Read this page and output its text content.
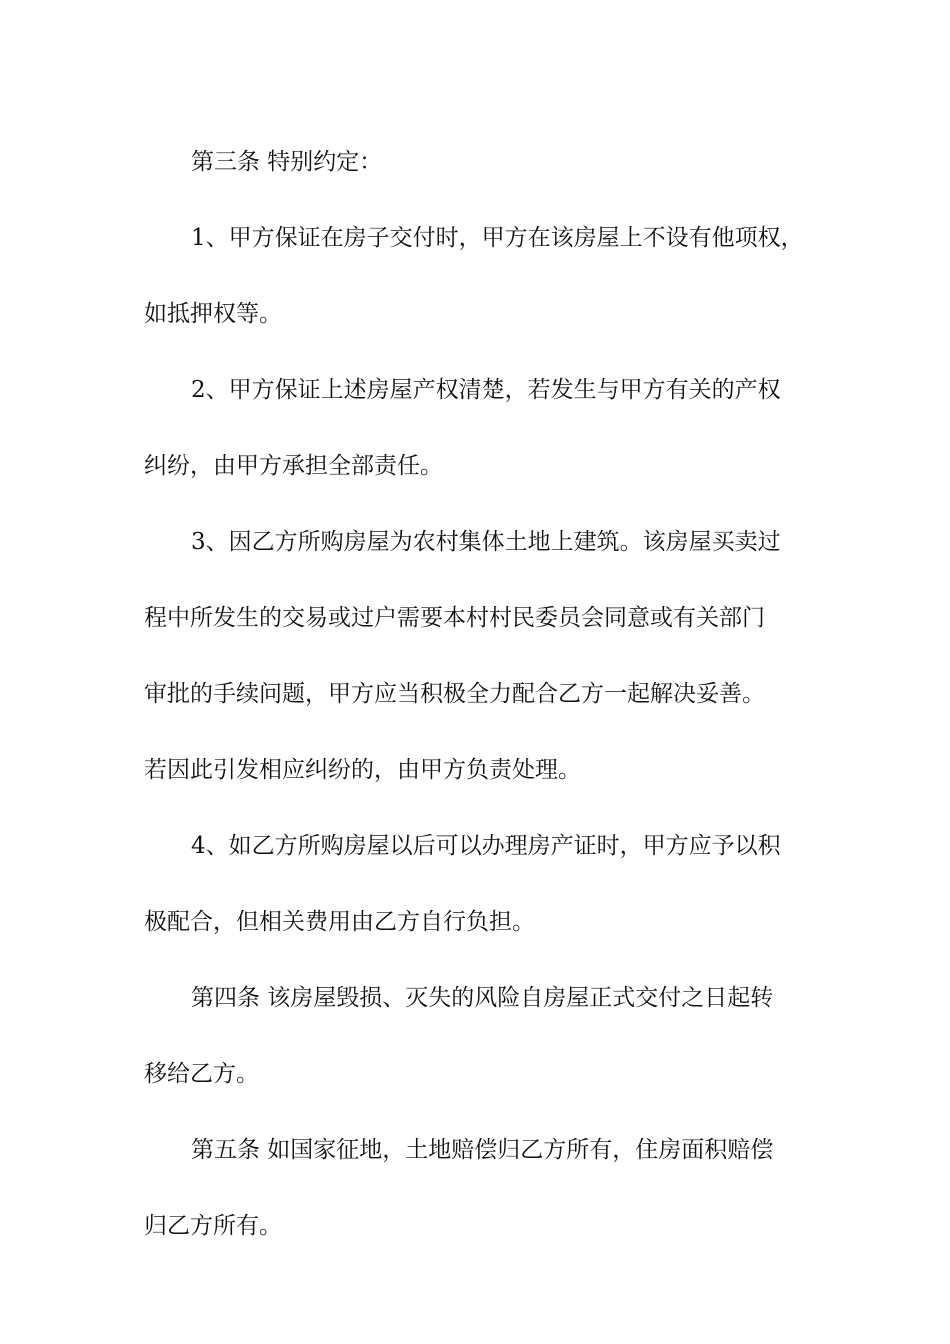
第三条 特别约定：
1、甲方保证在房子交付时，甲方在该房屋上不设有他项权，
如抵押权等。
2、甲方保证上述房屋产权清楚，若发生与甲方有关的产权
纠纷，由甲方承担全部责任。
3、因乙方所购房屋为农村集体土地上建筑。该房屋买卖过
程中所发生的交易或过户需要本村村民委员会同意或有关部门
审批的手续问题，甲方应当积极全力配合乙方一起解决妥善。
若因此引发相应纠纷的，由甲方负责处理。
4、如乙方所购房屋以后可以办理房产证时，甲方应予以积
极配合，但相关费用由乙方自行负担。
第四条 该房屋毁损、灭失的风险自房屋正式交付之日起转
移给乙方。
第五条 如国家征地，土地赔偿归乙方所有，住房面积赔偿
归乙方所有。
